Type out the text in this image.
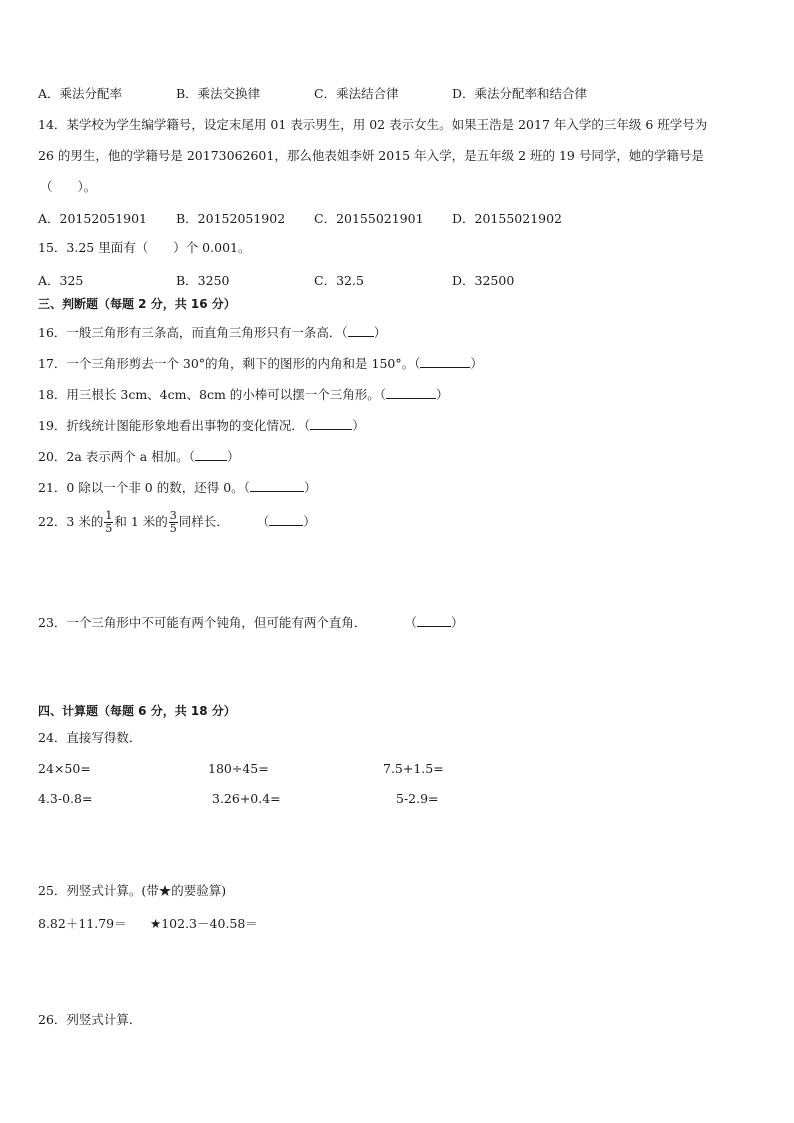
A．乘法分配率	B．乘法交换律	C．乘法结合律	D．乘法分配率和结合律
14．某学校为学生编学籍号，设定末尾用 01 表示男生，用 02 表示女生。如果王浩是 2017 年入学的三年级 6 班学号为
26 的男生，他的学籍号是 20173062601，那么他表姐李妍 2015 年入学，是五年级 2 班的 19 号同学，她的学籍号是
（　　）。
A．20152051901 B．20152051902 C．20155021901 D．20155021902
15．3.25 里面有（　　）个 0.001。
A．325	B．3250	C．32.5	D．32500
三、判断题（每题 2 分，共 16 分）
16．一般三角形有三条高，而直角三角形只有一条高．（ ）
17．一个三角形剪去一个 30°的角，剩下的图形的内角和是 150°。（	）
18．用三根长 3cm、4cm、8cm 的小棒可以摆一个三角形。（	）
19．折线统计图能形象地看出事物的变化情况．（	）
20．2a 表示两个 a 相加。（	）
21．0 除以一个非 0 的数，还得 0。（	）
22．3 米的 $\frac{1}{5}$ 和 1 米的 $\frac{3}{5}$ 同样长． （	）
23．一个三角形中不可能有两个钝角，但可能有两个直角．	（	）
四、计算题（每题 6 分，共 18 分）
24．直接写得数．
24×50=	180÷45=	7.5+1.5=
4.3-0.8=	3.26+0.4=	5-2.9=
25．列竖式计算。(带★的要验算)
8.82＋11.79＝ ★102.3－40.58＝
26．列竖式计算．
